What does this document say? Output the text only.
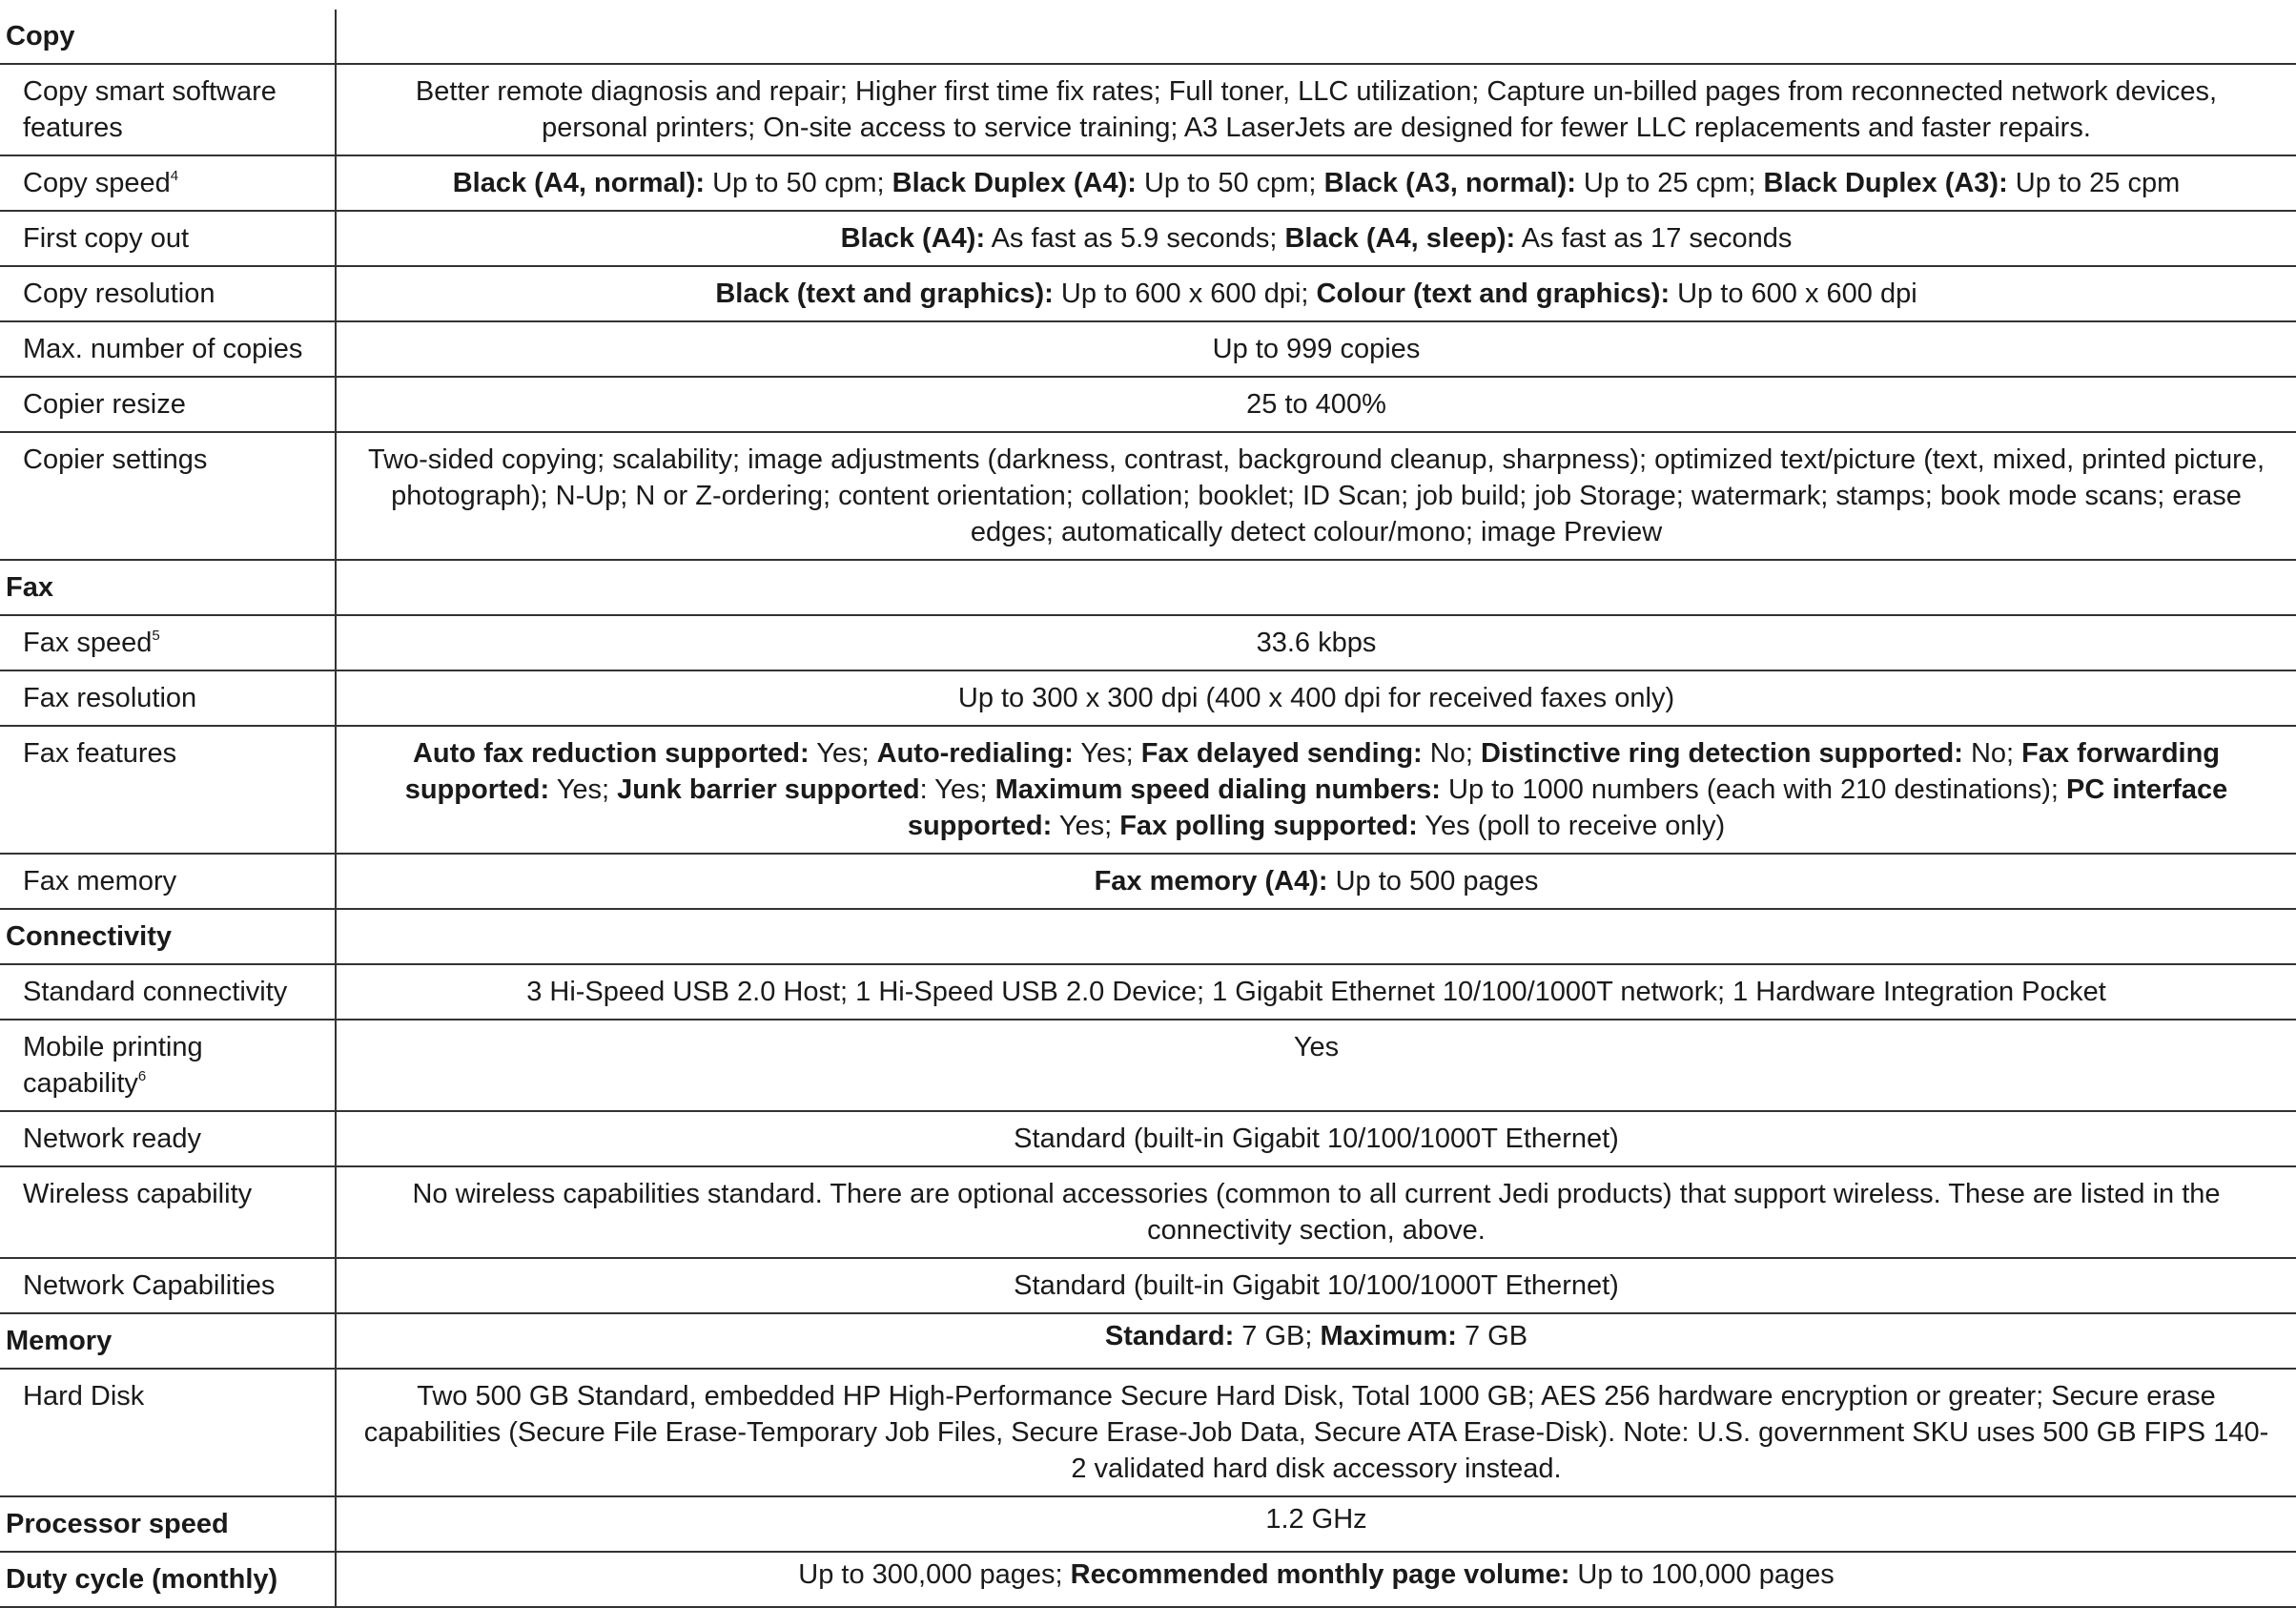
Copy	
Copy smart software features	Better remote diagnosis and repair; Higher first time fix rates; Full toner, LLC utilization; Capture un-billed pages from reconnected network devices, personal printers; On-site access to service training; A3 LaserJets are designed for fewer LLC replacements and faster repairs.
Copy speed$^4$	Black (A4, normal): Up to 50 cpm; Black Duplex (A4): Up to 50 cpm; Black (A3, normal): Up to 25 cpm; Black Duplex (A3): Up to 25 cpm
First copy out	Black (A4): As fast as 5.9 seconds; Black (A4, sleep): As fast as 17 seconds
Copy resolution	Black (text and graphics): Up to 600 x 600 dpi; Colour (text and graphics): Up to 600 x 600 dpi
Max. number of copies	Up to 999 copies
Copier resize	25 to 400%
Copier settings	Two-sided copying; scalability; image adjustments (darkness, contrast, background cleanup, sharpness); optimized text/picture (text, mixed, printed picture, photograph); N-Up; N or Z-ordering; content orientation; collation; booklet; ID Scan; job build; job Storage; watermark; stamps; book mode scans; erase edges; automatically detect colour/mono; image Preview
Fax	
Fax speed$^5$	33.6 kbps
Fax resolution	Up to 300 x 300 dpi (400 x 400 dpi for received faxes only)
Fax features	Auto fax reduction supported: Yes; Auto-redialing: Yes; Fax delayed sending: No; Distinctive ring detection supported: No; Fax forwarding supported: Yes; Junk barrier supported: Yes; Maximum speed dialing numbers: Up to 1000 numbers (each with 210 destinations); PC interface supported: Yes; Fax polling supported: Yes (poll to receive only)
Fax memory	Fax memory (A4): Up to 500 pages
Connectivity	
Standard connectivity	3 Hi-Speed USB 2.0 Host; 1 Hi-Speed USB 2.0 Device; 1 Gigabit Ethernet 10/100/1000T network; 1 Hardware Integration Pocket
Mobile printing capability$^6$	Yes
Network ready	Standard (built-in Gigabit 10/100/1000T Ethernet)
Wireless capability	No wireless capabilities standard. There are optional accessories (common to all current Jedi products) that support wireless. These are listed in the connectivity section, above.
Network Capabilities	Standard (built-in Gigabit 10/100/1000T Ethernet)
Memory	Standard: 7 GB; Maximum: 7 GB
Hard Disk	Two 500 GB Standard, embedded HP High-Performance Secure Hard Disk, Total 1000 GB; AES 256 hardware encryption or greater; Secure erase capabilities (Secure File Erase-Temporary Job Files, Secure Erase-Job Data, Secure ATA Erase-Disk). Note: U.S. government SKU uses 500 GB FIPS 140-2 validated hard disk accessory instead.
Processor speed	1.2 GHz
Duty cycle (monthly)	Up to 300,000 pages; Recommended monthly page volume: Up to 100,000 pages
